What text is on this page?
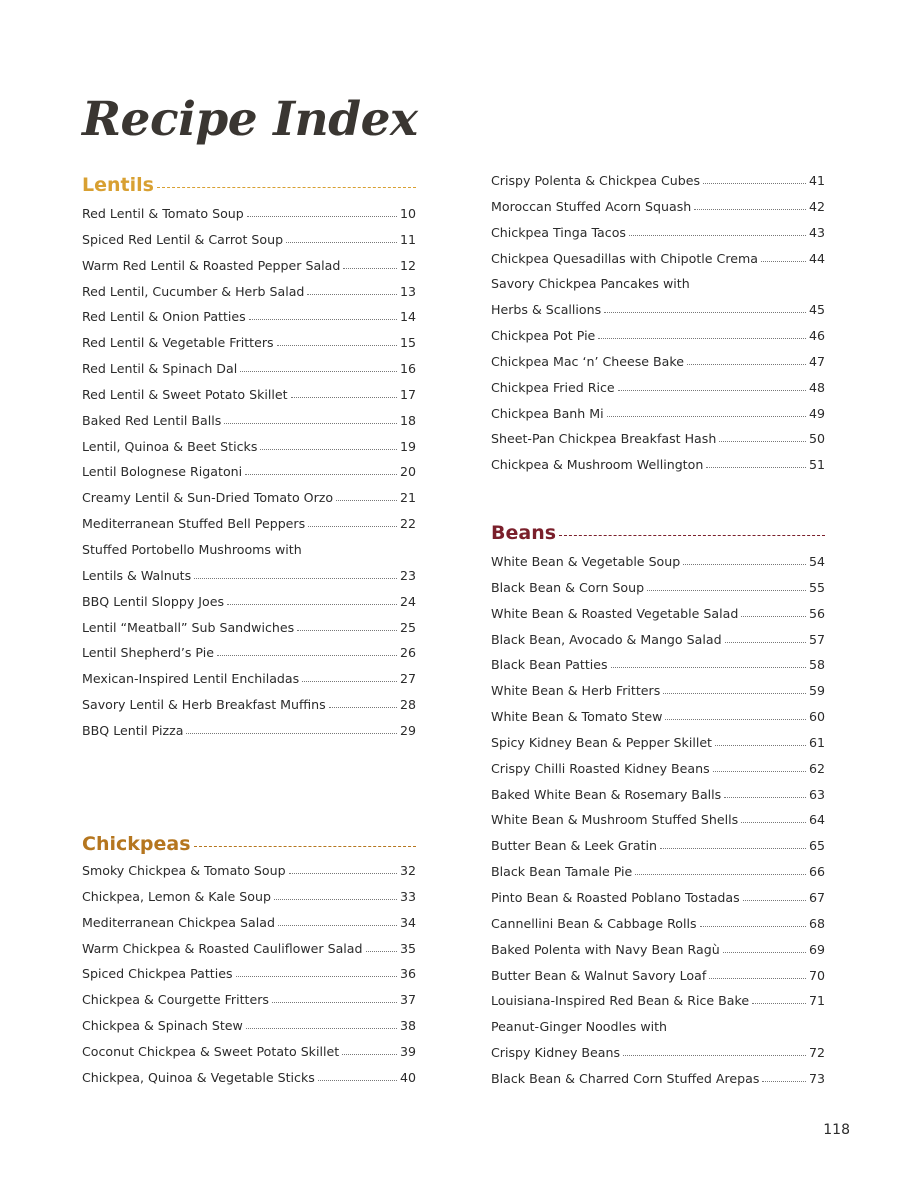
Recipe Index
Lentils
Red Lentil & Tomato Soup	10
Spiced Red Lentil & Carrot Soup	11
Warm Red Lentil & Roasted Pepper Salad	12
Red Lentil, Cucumber & Herb Salad	13
Red Lentil & Onion Patties	14
Red Lentil & Vegetable Fritters	15
Red Lentil & Spinach Dal	16
Red Lentil & Sweet Potato Skillet	17
Baked Red Lentil Balls	18
Lentil, Quinoa & Beet Sticks	19
Lentil Bolognese Rigatoni	20
Creamy Lentil & Sun-Dried Tomato Orzo	21
Mediterranean Stuffed Bell Peppers	22
Stuffed Portobello Mushrooms with
Lentils & Walnuts	23
BBQ Lentil Sloppy Joes	24
Lentil “Meatball” Sub Sandwiches	25
Lentil Shepherd’s Pie	26
Mexican-Inspired Lentil Enchiladas	27
Savory Lentil & Herb Breakfast Muffins	28
BBQ Lentil Pizza	29
Chickpeas
Smoky Chickpea & Tomato Soup	32
Chickpea, Lemon & Kale Soup	33
Mediterranean Chickpea Salad	34
Warm Chickpea & Roasted Cauliflower Salad	35
Spiced Chickpea Patties	36
Chickpea & Courgette Fritters	37
Chickpea & Spinach Stew	38
Coconut Chickpea & Sweet Potato Skillet	39
Chickpea, Quinoa & Vegetable Sticks	40
Crispy Polenta & Chickpea Cubes	41
Moroccan Stuffed Acorn Squash	42
Chickpea Tinga Tacos	43
Chickpea Quesadillas with Chipotle Crema	44
Savory Chickpea Pancakes with
Herbs & Scallions	45
Chickpea Pot Pie	46
Chickpea Mac ‘n’ Cheese Bake	47
Chickpea Fried Rice	48
Chickpea Banh Mi	49
Sheet-Pan Chickpea Breakfast Hash	50
Chickpea & Mushroom Wellington	51
Beans
White Bean & Vegetable Soup	54
Black Bean & Corn Soup	55
White Bean & Roasted Vegetable Salad	56
Black Bean, Avocado & Mango Salad	57
Black Bean Patties	58
White Bean & Herb Fritters	59
White Bean & Tomato Stew	60
Spicy Kidney Bean & Pepper Skillet	61
Crispy Chilli Roasted Kidney Beans	62
Baked White Bean & Rosemary Balls	63
White Bean & Mushroom Stuffed Shells	64
Butter Bean & Leek Gratin	65
Black Bean Tamale Pie	66
Pinto Bean & Roasted Poblano Tostadas	67
Cannellini Bean & Cabbage Rolls	68
Baked Polenta with Navy Bean Ragù	69
Butter Bean & Walnut Savory Loaf	70
Louisiana-Inspired Red Bean & Rice Bake	71
Peanut-Ginger Noodles with
Crispy Kidney Beans	72
Black Bean & Charred Corn Stuffed Arepas	73
118
